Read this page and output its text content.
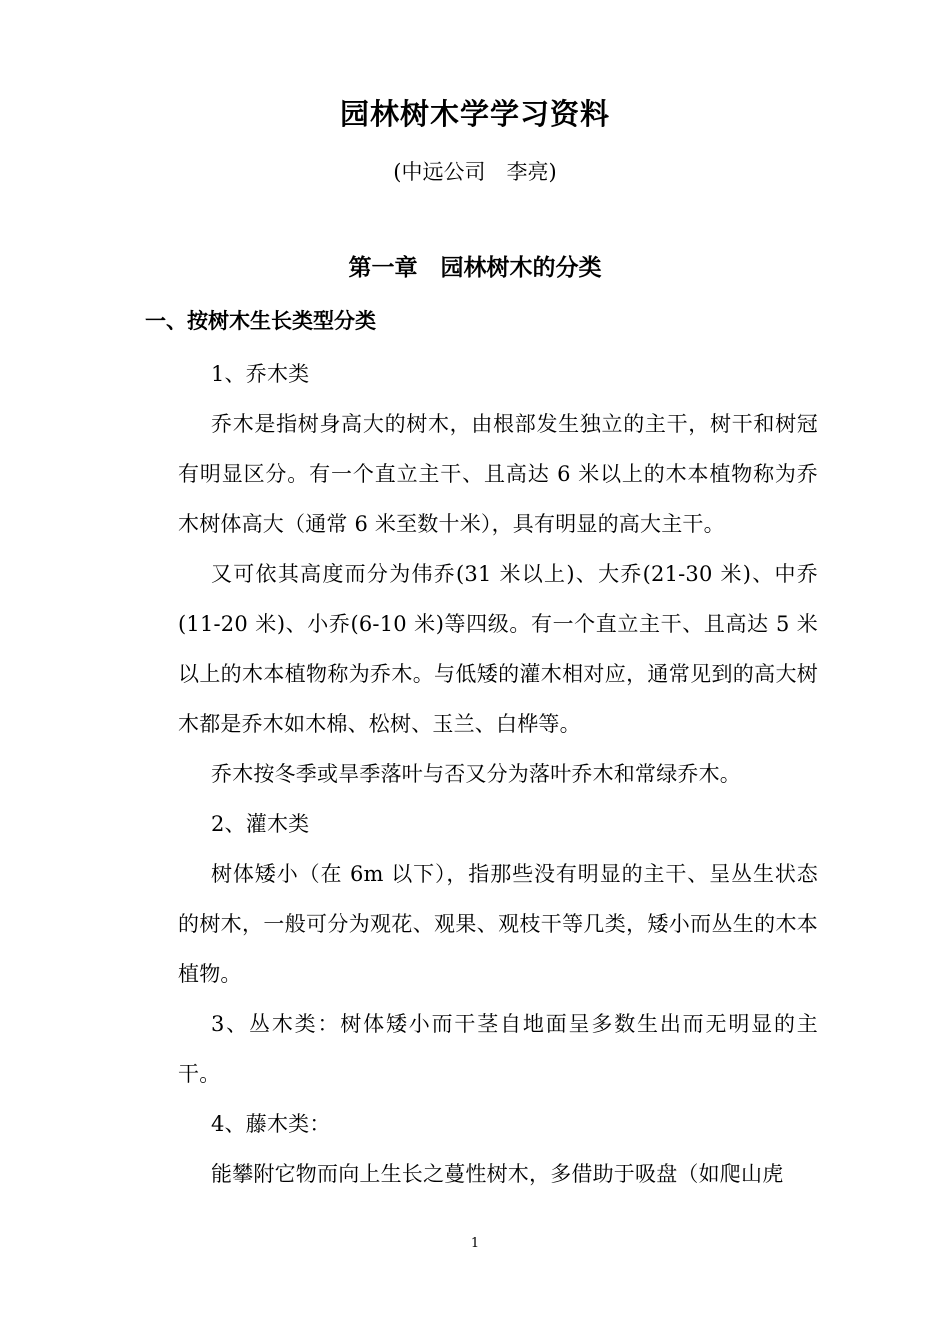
园林树木学学习资料
(中远公司　李亮)
第一章　园林树木的分类
一、按树木生长类型分类

1、乔木类

乔木是指树身高大的树木，由根部发生独立的主干，树干和树冠有明显区分。有一个直立主干、且高达 6 米以上的木本植物称为乔木树体高大（通常 6 米至数十米），具有明显的高大主干。

又可依其高度而分为伟乔(31 米以上)、大乔(21-30 米)、中乔(11-20 米)、小乔(6-10 米)等四级。有一个直立主干、且高达 5 米以上的木本植物称为乔木。与低矮的灌木相对应，通常见到的高大树木都是乔木如木棉、松树、玉兰、白桦等。

乔木按冬季或旱季落叶与否又分为落叶乔木和常绿乔木。

2、灌木类

树体矮小（在 6m 以下），指那些没有明显的主干、呈丛生状态的树木，一般可分为观花、观果、观枝干等几类，矮小而丛生的木本植物。

3、丛木类：树体矮小而干茎自地面呈多数生出而无明显的主干。

4、藤木类：

能攀附它物而向上生长之蔓性树木，多借助于吸盘（如爬山虎

1
